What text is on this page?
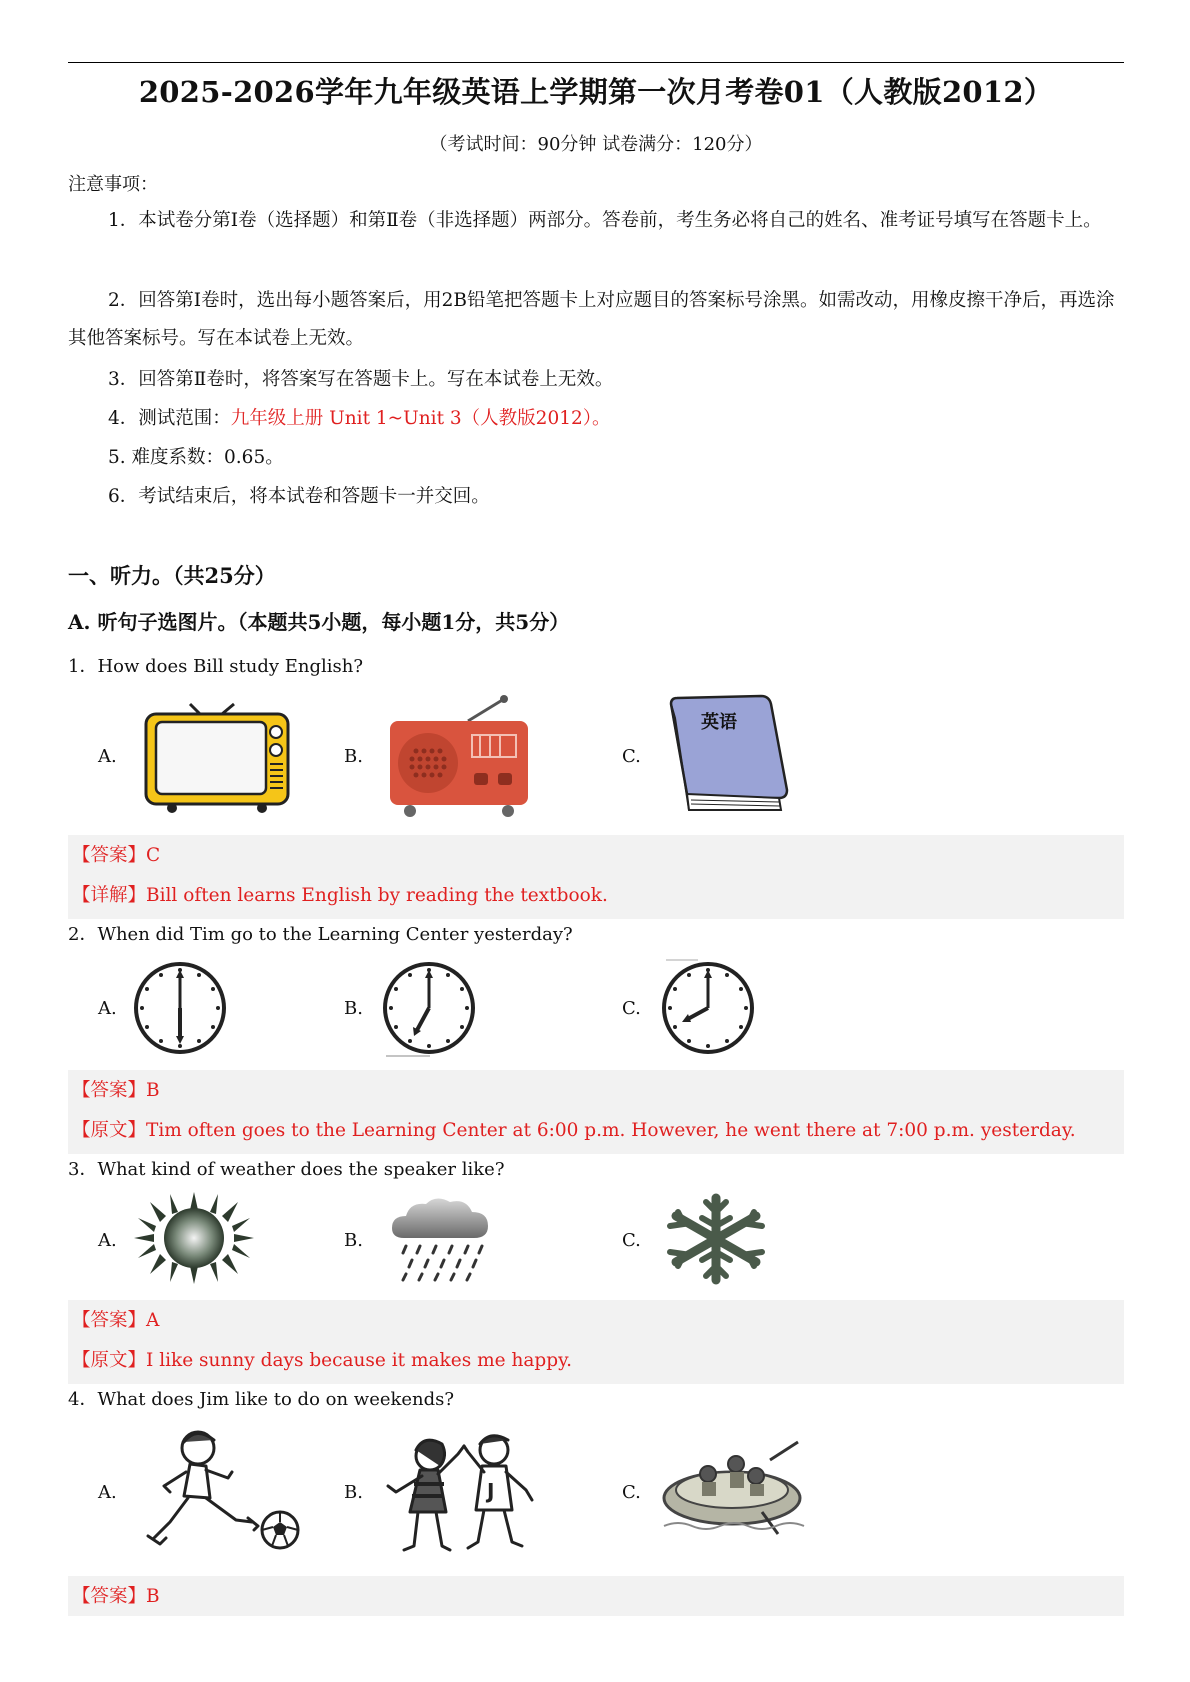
2025-2026学年九年级英语上学期第一次月考卷01（人教版2012）
（考试时间：90分钟 试卷满分：120分）
注意事项：
1．本试卷分第Ⅰ卷（选择题）和第Ⅱ卷（非选择题）两部分。答卷前，考生务必将自己的姓名、准考证号填写在答题卡上。
2．回答第Ⅰ卷时，选出每小题答案后，用2B铅笔把答题卡上对应题目的答案标号涂黑。如需改动，用橡皮擦干净后，再选涂其他答案标号。写在本试卷上无效。
3．回答第Ⅱ卷时，将答案写在答题卡上。写在本试卷上无效。
4．测试范围：九年级上册 Unit 1~Unit 3（人教版2012）。
5. 难度系数：0.65。
6．考试结束后，将本试卷和答题卡一并交回。
一、听力。（共25分）
A. 听句子选图片。（本题共5小题，每小题1分，共5分）
1．How does Bill study English?
A.	B.	C.
英语
【答案】C
【详解】Bill often learns English by reading the textbook.
2．When did Tim go to the Learning Center yesterday?
A.	B.	C.
【答案】B
【原文】Tim often goes to the Learning Center at 6:00 p.m. However, he went there at 7:00 p.m. yesterday.
3．What kind of weather does the speaker like?
A.	B.	C.
【答案】A
【原文】I like sunny days because it makes me happy.
4．What does Jim like to do on weekends?
A.	B.	C.
J
【答案】B
